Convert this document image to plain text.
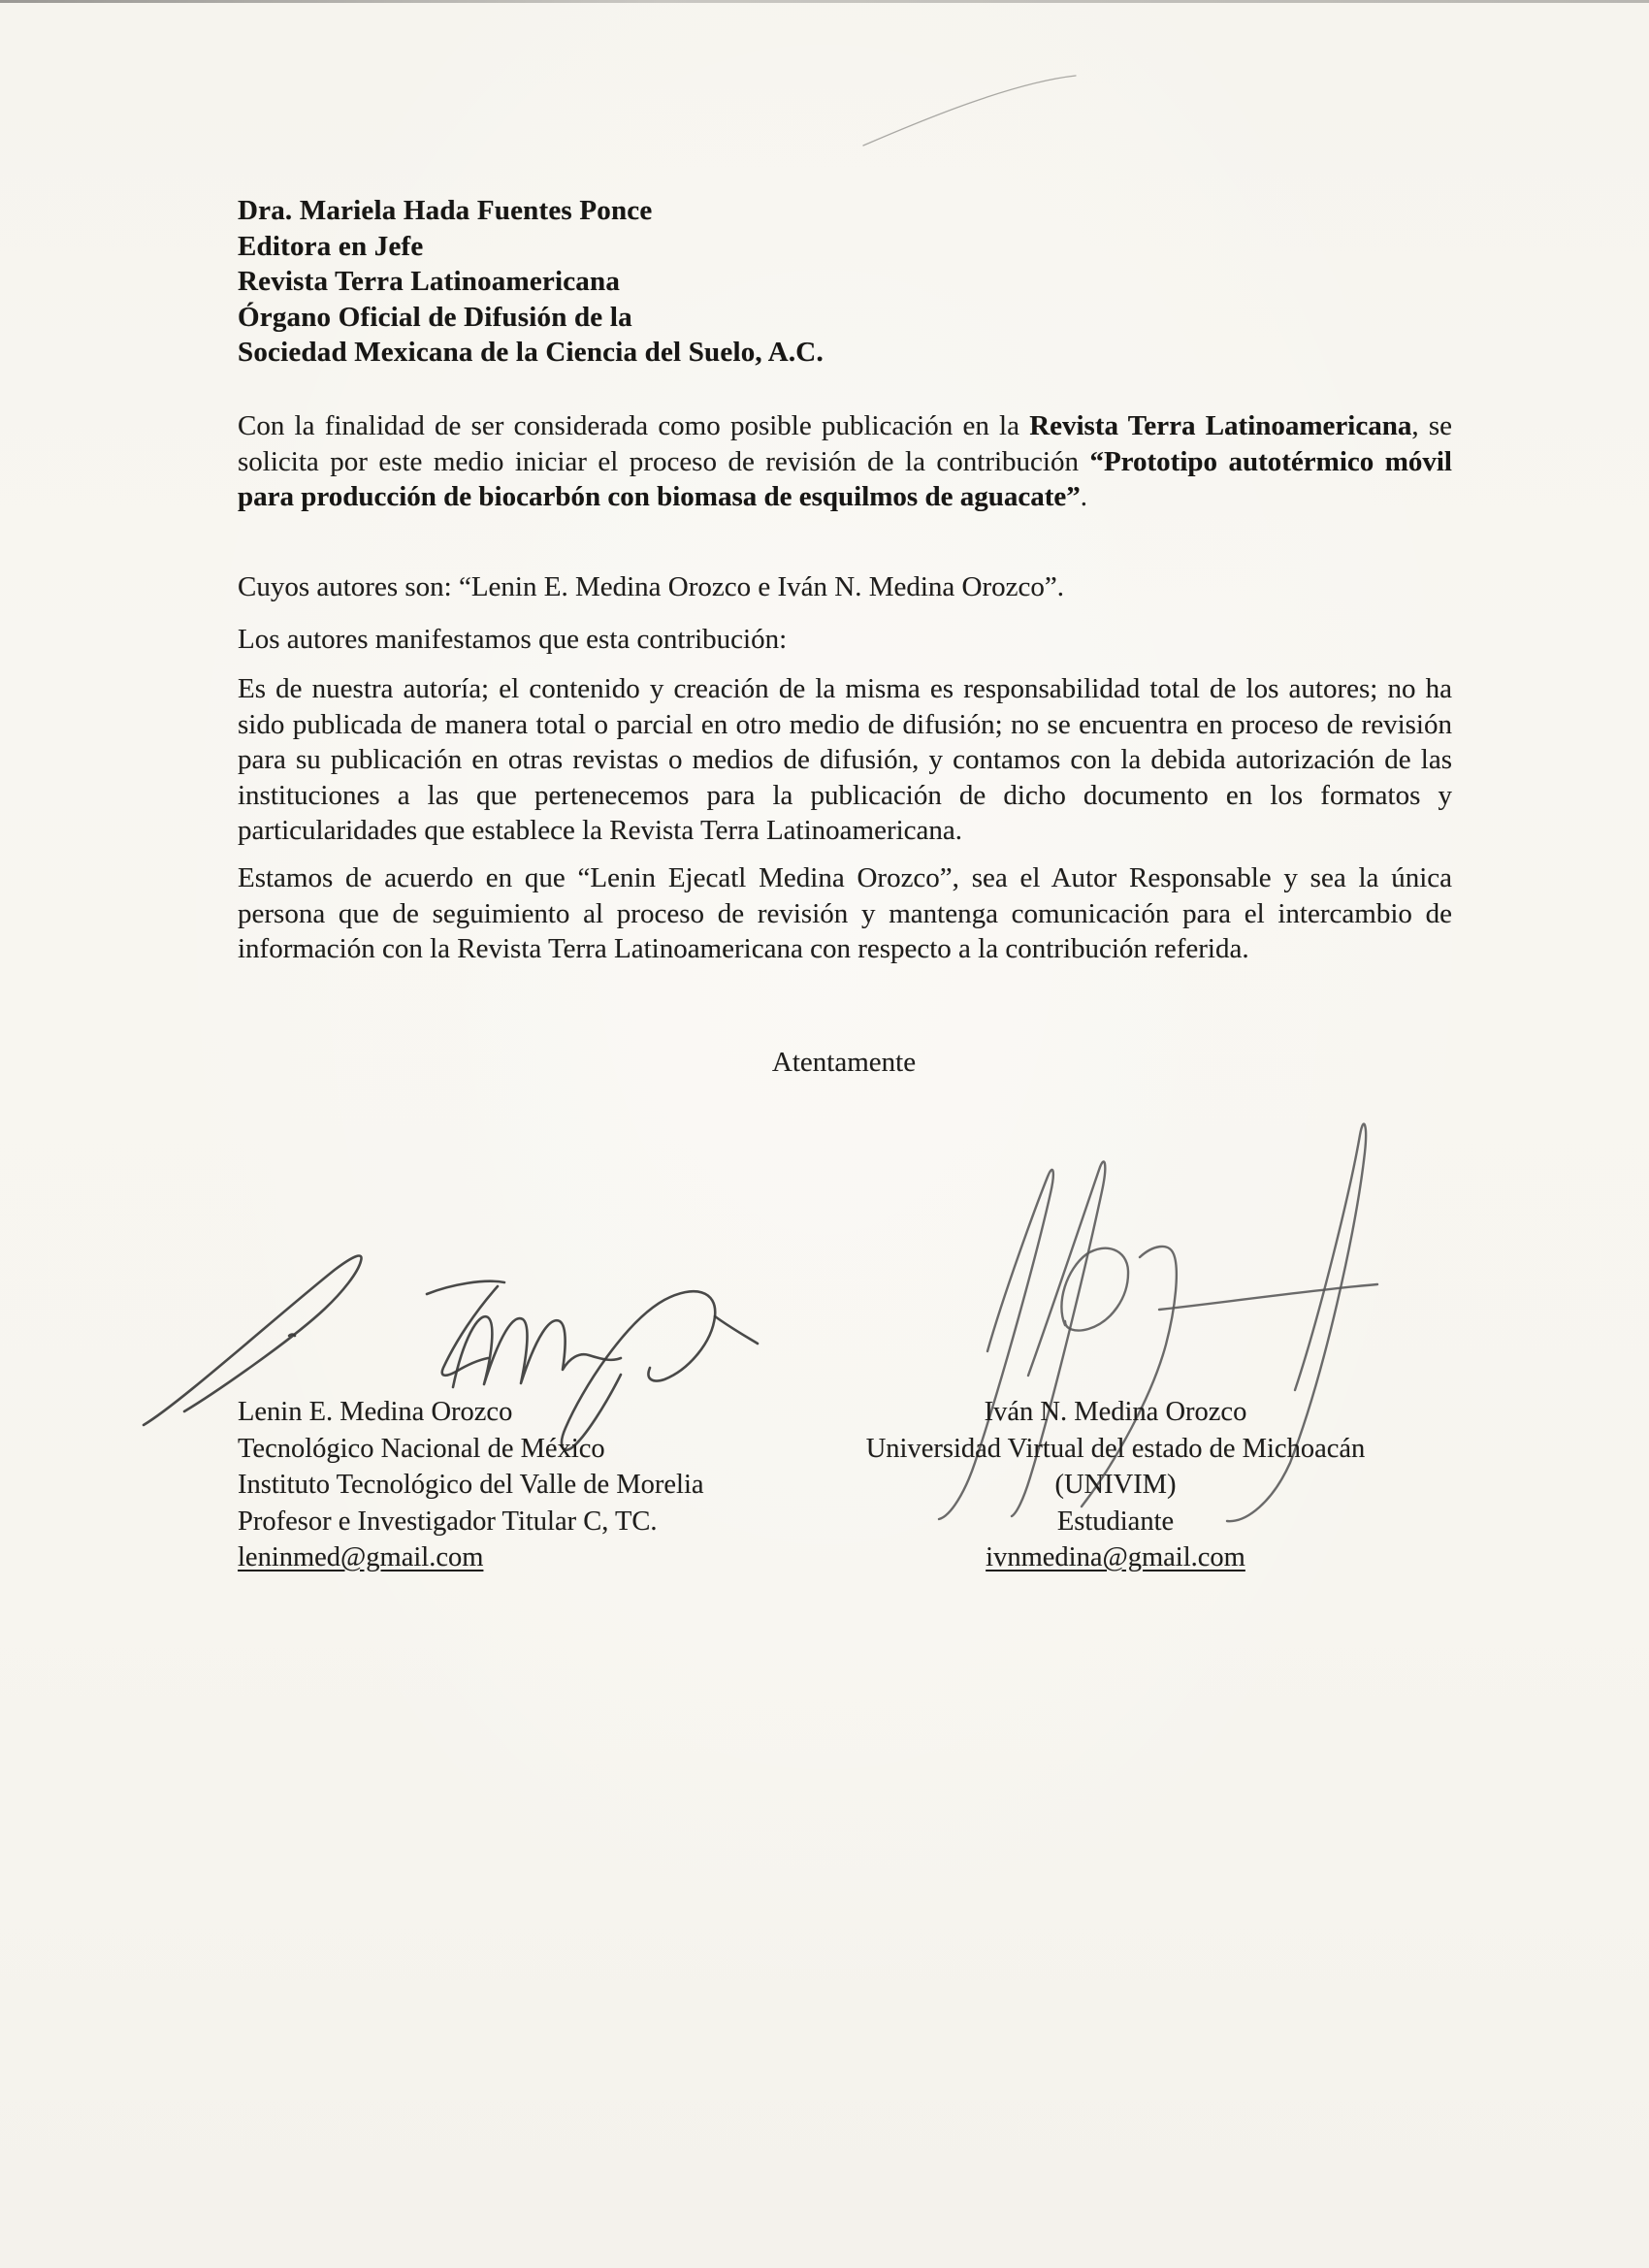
Dra. Mariela Hada Fuentes Ponce
Editora en Jefe
Revista Terra Latinoamericana
Órgano Oficial de Difusión de la
Sociedad Mexicana de la Ciencia del Suelo, A.C.

Con la finalidad de ser considerada como posible publicación en la Revista Terra Latinoamericana, se solicita por este medio iniciar el proceso de revisión de la contribución “Prototipo autotérmico móvil para producción de biocarbón con biomasa de esquilmos de aguacate”.

Cuyos autores son: “Lenin E. Medina Orozco e Iván N. Medina Orozco”.

Los autores manifestamos que esta contribución:

Es de nuestra autoría; el contenido y creación de la misma es responsabilidad total de los autores; no ha sido publicada de manera total o parcial en otro medio de difusión; no se encuentra en proceso de revisión para su publicación en otras revistas o medios de difusión, y contamos con la debida autorización de las instituciones a las que pertenecemos para la publicación de dicho documento en los formatos y particularidades que establece la Revista Terra Latinoamericana.

Estamos de acuerdo en que “Lenin Ejecatl Medina Orozco”, sea el Autor Responsable y sea la única persona que de seguimiento al proceso de revisión y mantenga comunicación para el intercambio de información con la Revista Terra Latinoamericana con respecto a la contribución referida.

Atentamente
Lenin E. Medina Orozco
Tecnológico Nacional de México
Instituto Tecnológico del Valle de Morelia
Profesor e Investigador Titular C, TC.
leninmed@gmail.com
Iván N. Medina Orozco
Universidad Virtual del estado de Michoacán
(UNIVIM)
Estudiante
ivnmedina@gmail.com
